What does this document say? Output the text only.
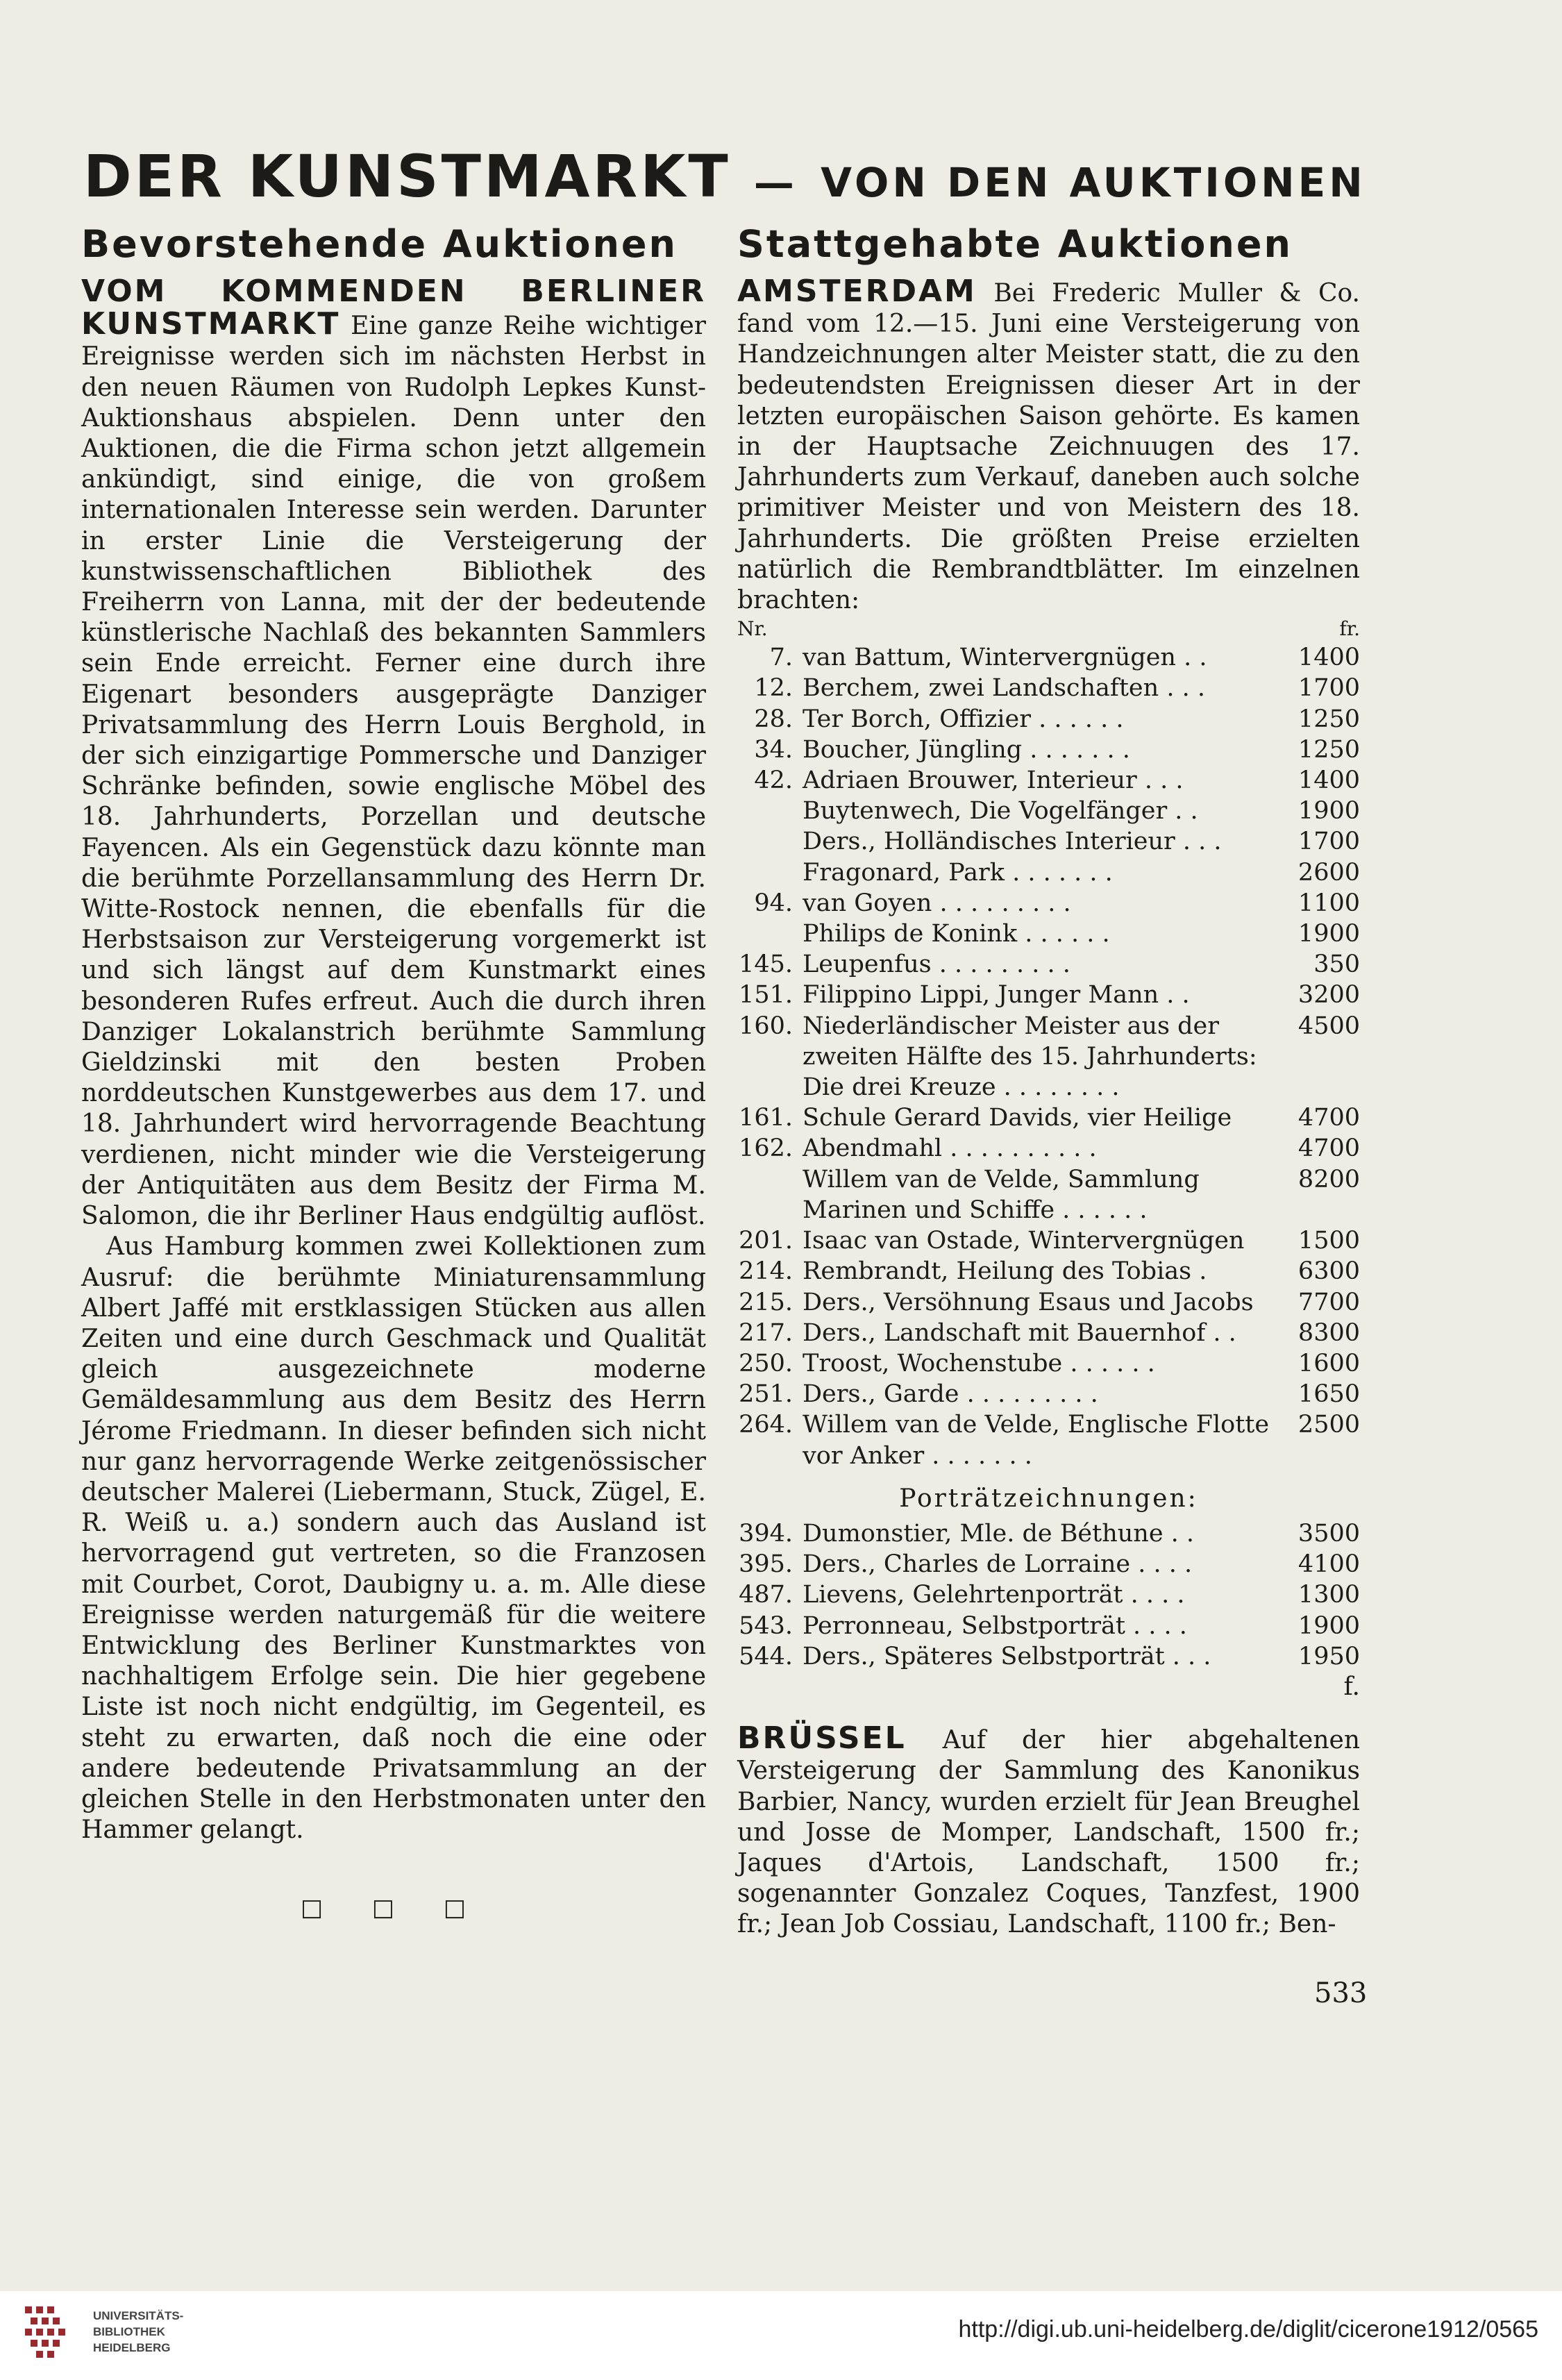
DER KUNSTMARKT — VON DEN AUKTIONEN
Bevorstehende Auktionen

VOM KOMMENDEN BERLINER KUNSTMARKT Eine ganze Reihe wichtiger Ereignisse werden sich im nächsten Herbst in den neuen Räumen von Rudolph Lepkes Kunst-Auktionshaus abspielen. Denn unter den Auktionen, die die Firma schon jetzt allgemein ankündigt, sind einige, die von großem internationalen Interesse sein werden. Darunter in erster Linie die Versteigerung der kunstwissenschaftlichen Bibliothek des Freiherrn von Lanna, mit der der bedeutende künstlerische Nachlaß des bekannten Sammlers sein Ende erreicht. Ferner eine durch ihre Eigenart besonders ausgeprägte Danziger Privatsammlung des Herrn Louis Berghold, in der sich einzigartige Pommersche und Danziger Schränke befinden, sowie englische Möbel des 18. Jahrhunderts, Porzellan und deutsche Fayencen. Als ein Gegenstück dazu könnte man die berühmte Porzellansammlung des Herrn Dr. Witte-Rostock nennen, die ebenfalls für die Herbstsaison zur Versteigerung vorgemerkt ist und sich längst auf dem Kunstmarkt eines besonderen Rufes erfreut. Auch die durch ihren Danziger Lokalanstrich berühmte Sammlung Gieldzinski mit den besten Proben norddeutschen Kunstgewerbes aus dem 17. und 18. Jahrhundert wird hervorragende Beachtung verdienen, nicht minder wie die Versteigerung der Antiquitäten aus dem Besitz der Firma M. Salomon, die ihr Berliner Haus endgültig auflöst.

Aus Hamburg kommen zwei Kollektionen zum Ausruf: die berühmte Miniaturensammlung Albert Jaffé mit erstklassigen Stücken aus allen Zeiten und eine durch Geschmack und Qualität gleich ausgezeichnete moderne Gemäldesammlung aus dem Besitz des Herrn Jérome Friedmann. In dieser befinden sich nicht nur ganz hervorragende Werke zeitgenössischer deutscher Malerei (Liebermann, Stuck, Zügel, E. R. Weiß u. a.) sondern auch das Ausland ist hervorragend gut vertreten, so die Franzosen mit Courbet, Corot, Daubigny u. a. m. Alle diese Ereignisse werden naturgemäß für die weitere Entwicklung des Berliner Kunstmarktes von nachhaltigem Erfolge sein. Die hier gegebene Liste ist noch nicht endgültig, im Gegenteil, es steht zu erwarten, daß noch die eine oder andere bedeutende Privatsammlung an der gleichen Stelle in den Herbstmonaten unter den Hammer gelangt.

□ □ □
Stattgehabte Auktionen

AMSTERDAM Bei Frederic Muller & Co. fand vom 12.—15. Juni eine Versteigerung von Handzeichnungen alter Meister statt, die zu den bedeutendsten Ereignissen dieser Art in der letzten europäischen Saison gehörte. Es kamen in der Hauptsache Zeichnuugen des 17. Jahrhunderts zum Verkauf, daneben auch solche primitiver Meister und von Meistern des 18. Jahrhunderts. Die größten Preise erzielten natürlich die Rembrandtblätter. Im einzelnen brachten:

Nr.	fr.
7.	van Battum, Wintervergnügen . .	1400
12.	Berchem, zwei Landschaften . . .	1700
28.	Ter Borch, Offizier . . . . . .	1250
34.	Boucher, Jüngling . . . . . . .	1250
42.	Adriaen Brouwer, Interieur . . .	1400
	Buytenwech, Die Vogelfänger . .	1900
	Ders., Holländisches Interieur . . .	1700
	Fragonard, Park . . . . . . .	2600
94.	van Goyen . . . . . . . . .	1100
	Philips de Konink . . . . . .	1900
145.	Leupenfus . . . . . . . . .	350
151.	Filippino Lippi, Junger Mann . .	3200
160.	Niederländischer Meister aus der zweiten Hälfte des 15. Jahrhunderts: Die drei Kreuze . . . . . . . .	4500
161.	Schule Gerard Davids, vier Heilige	4700
162.	Abendmahl . . . . . . . . . .	4700
	Willem van de Velde, Sammlung Marinen und Schiffe . . . . . .	8200
201.	Isaac van Ostade, Wintervergnügen	1500
214.	Rembrandt, Heilung des Tobias .	6300
215.	Ders., Versöhnung Esaus und Jacobs	7700
217.	Ders., Landschaft mit Bauernhof . .	8300
250.	Troost, Wochenstube . . . . . .	1600
251.	Ders., Garde . . . . . . . . .	1650
264.	Willem van de Velde, Englische Flotte vor Anker . . . . . . .	2500
Porträtzeichnungen:
394.	Dumonstier, Mle. de Béthune . .	3500
395.	Ders., Charles de Lorraine . . . .	4100
487.	Lievens, Gelehrtenporträt . . . .	1300
543.	Perronneau, Selbstporträt . . . .	1900
544.	Ders., Späteres Selbstporträt . . .	1950
f.

BRÜSSEL Auf der hier abgehaltenen Versteigerung der Sammlung des Kanonikus Barbier, Nancy, wurden erzielt für Jean Breughel und Josse de Momper, Landschaft, 1500 fr.; Jaques d'Artois, Landschaft, 1500 fr.; sogenannter Gonzalez Coques, Tanzfest, 1900 fr.; Jean Job Cossiau, Landschaft, 1100 fr.; Ben-

533
UNIVERSITÄTS-
BIBLIOTHEK
HEIDELBERG
http://digi.ub.uni-heidelberg.de/diglit/cicerone1912/0565
